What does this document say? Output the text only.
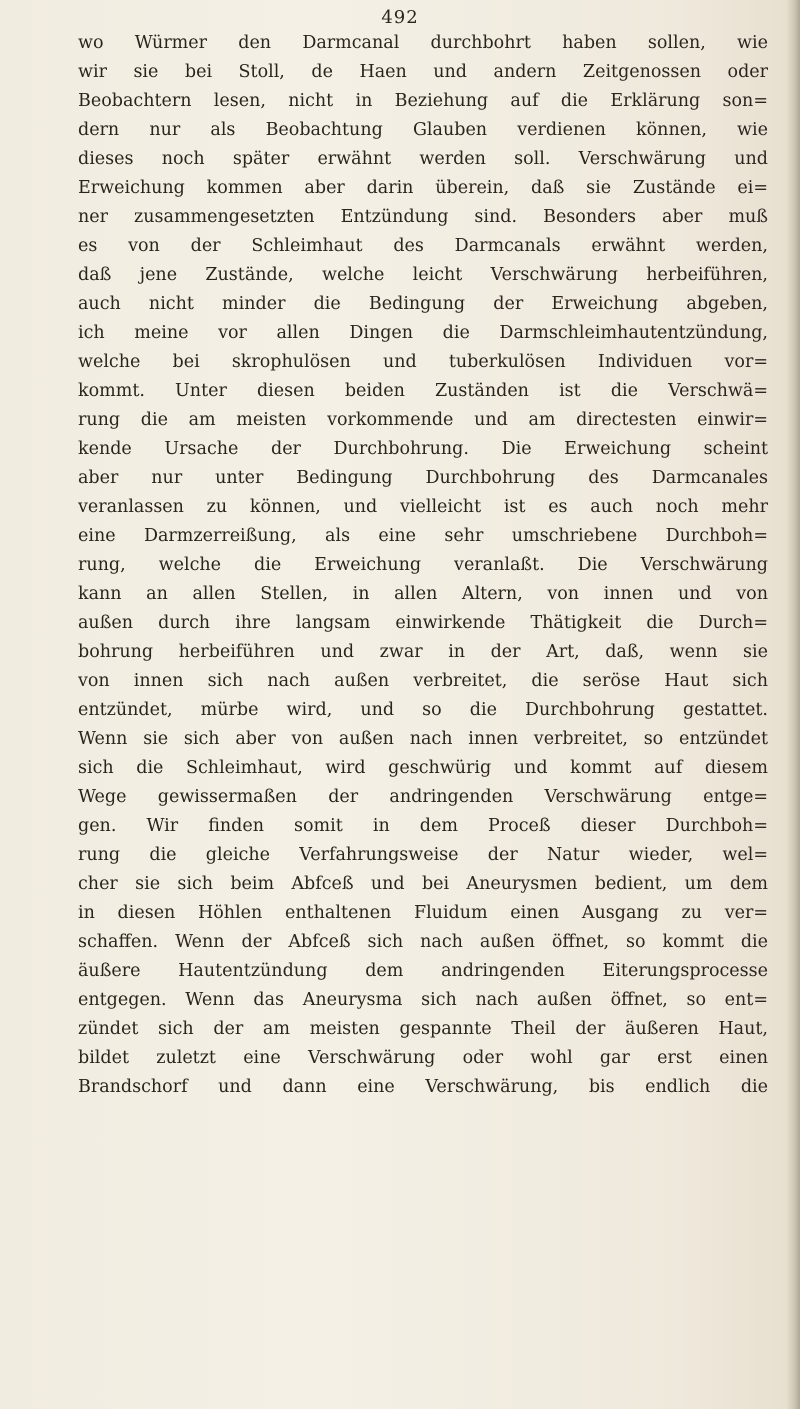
492
wo Würmer den Darmcanal durchbohrt haben sollen, wie
wir sie bei Stoll, de Haen und andern Zeitgenossen oder
Beobachtern lesen, nicht in Beziehung auf die Erklärung son=
dern nur als Beobachtung Glauben verdienen können, wie
dieses noch später erwähnt werden soll. Verschwärung und
Erweichung kommen aber darin überein, daß sie Zustände ei=
ner zusammengesetzten Entzündung sind. Besonders aber muß
es von der Schleimhaut des Darmcanals erwähnt werden,
daß jene Zustände, welche leicht Verschwärung herbeiführen,
auch nicht minder die Bedingung der Erweichung abgeben,
ich meine vor allen Dingen die Darmschleimhautentzündung,
welche bei skrophulösen und tuberkulösen Individuen vor=
kommt. Unter diesen beiden Zuständen ist die Verschwä=
rung die am meisten vorkommende und am directesten einwir=
kende Ursache der Durchbohrung. Die Erweichung scheint
aber nur unter Bedingung Durchbohrung des Darmcanales
veranlassen zu können, und vielleicht ist es auch noch mehr
eine Darmzerreißung, als eine sehr umschriebene Durchboh=
rung, welche die Erweichung veranlaßt. Die Verschwärung
kann an allen Stellen, in allen Altern, von innen und von
außen durch ihre langsam einwirkende Thätigkeit die Durch=
bohrung herbeiführen und zwar in der Art, daß, wenn sie
von innen sich nach außen verbreitet, die seröse Haut sich
entzündet, mürbe wird, und so die Durchbohrung gestattet.
Wenn sie sich aber von außen nach innen verbreitet, so entzündet
sich die Schleimhaut, wird geschwürig und kommt auf diesem
Wege gewissermaßen der andringenden Verschwärung entge=
gen. Wir finden somit in dem Proceß dieser Durchboh=
rung die gleiche Verfahrungsweise der Natur wieder, wel=
cher sie sich beim Abfceß und bei Aneurysmen bedient, um dem
in diesen Höhlen enthaltenen Fluidum einen Ausgang zu ver=
schaffen. Wenn der Abfceß sich nach außen öffnet, so kommt die
äußere Hautentzündung dem andringenden Eiterungsprocesse
entgegen. Wenn das Aneurysma sich nach außen öffnet, so ent=
zündet sich der am meisten gespannte Theil der äußeren Haut,
bildet zuletzt eine Verschwärung oder wohl gar erst einen
Brandschorf und dann eine Verschwärung, bis endlich die
